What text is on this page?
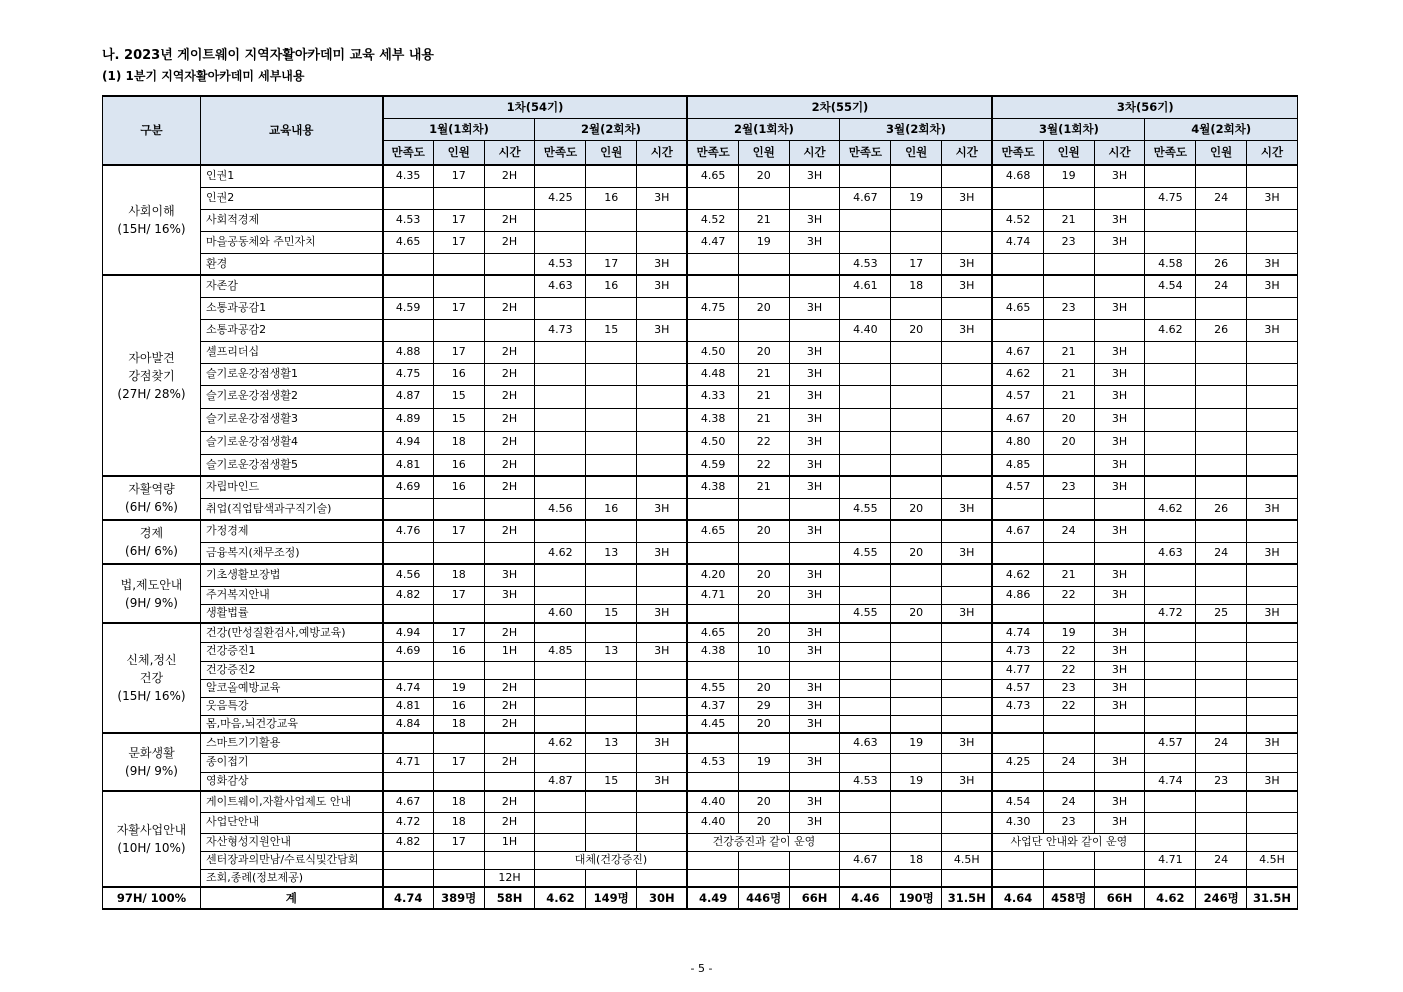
나. 2023년 게이트웨이 지역자활아카데미 교육 세부 내용
(1) 1분기 지역자활아카데미 세부내용
구분	교육내용	1차(54기)						2차(55기)						3차(56기)					
		1월(1회차)			2월(2회차)			2월(1회차)			3월(2회차)			3월(1회차)			4월(2회차)		
		만족도	인원	시간	만족도	인원	시간	만족도	인원	시간	만족도	인원	시간	만족도	인원	시간	만족도	인원	시간
사회이해
(15H/ 16%)	인권1	4.35	17	2H				4.65	20	3H				4.68	19	3H			
	인권2				4.25	16	3H				4.67	19	3H				4.75	24	3H
	사회적경제	4.53	17	2H				4.52	21	3H				4.52	21	3H			
	마을공동체와 주민자치	4.65	17	2H				4.47	19	3H				4.74	23	3H			
	환경				4.53	17	3H				4.53	17	3H				4.58	26	3H
자아발견
강점찾기
(27H/ 28%)	자존감				4.63	16	3H				4.61	18	3H				4.54	24	3H
	소통과공감1	4.59	17	2H				4.75	20	3H				4.65	23	3H			
	소통과공감2				4.73	15	3H				4.40	20	3H				4.62	26	3H
	셀프리더십	4.88	17	2H				4.50	20	3H				4.67	21	3H			
	슬기로운강점생활1	4.75	16	2H				4.48	21	3H				4.62	21	3H			
	슬기로운강점생활2	4.87	15	2H				4.33	21	3H				4.57	21	3H			
	슬기로운강점생활3	4.89	15	2H				4.38	21	3H				4.67	20	3H			
	슬기로운강점생활4	4.94	18	2H				4.50	22	3H				4.80	20	3H			
	슬기로운강점생활5	4.81	16	2H				4.59	22	3H				4.85		3H			
자활역량
(6H/ 6%)	자립마인드	4.69	16	2H				4.38	21	3H				4.57	23	3H			
	취업(직업탐색과구직기술)				4.56	16	3H				4.55	20	3H				4.62	26	3H
경제
(6H/ 6%)	가정경제	4.76	17	2H				4.65	20	3H				4.67	24	3H			
	금융복지(채무조정)				4.62	13	3H				4.55	20	3H				4.63	24	3H
법,제도안내
(9H/ 9%)	기초생활보장법	4.56	18	3H				4.20	20	3H				4.62	21	3H			
	주거복지안내	4.82	17	3H				4.71	20	3H				4.86	22	3H			
	생활법률				4.60	15	3H				4.55	20	3H				4.72	25	3H
신체,정신
건강
(15H/ 16%)	건강(만성질환검사,예방교육)	4.94	17	2H				4.65	20	3H				4.74	19	3H			
	건강증진1	4.69	16	1H	4.85	13	3H	4.38	10	3H				4.73	22	3H			
	건강증진2													4.77	22	3H			
	알코올예방교육	4.74	19	2H				4.55	20	3H				4.57	23	3H			
	웃음특강	4.81	16	2H				4.37	29	3H				4.73	22	3H			
	몸,마음,뇌건강교육	4.84	18	2H				4.45	20	3H									
문화생활
(9H/ 9%)	스마트기기활용				4.62	13	3H				4.63	19	3H				4.57	24	3H
	종이접기	4.71	17	2H				4.53	19	3H				4.25	24	3H			
	영화감상				4.87	15	3H				4.53	19	3H				4.74	23	3H
자활사업안내
(10H/ 10%)	게이트웨이,자활사업제도 안내	4.67	18	2H				4.40	20	3H				4.54	24	3H			
	사업단안내	4.72	18	2H				4.40	20	3H				4.30	23	3H			
	자산형성지원안내	4.82	17	1H				건강증진과 같이 운영						사업단 안내와 같이 운영					
	센터장과의만남/수료식및간담회				대체(건강증진)						4.67	18	4.5H				4.71	24	4.5H
	조회,종례(정보제공)			12H															
97H/ 100%	계	4.74	389명	58H	4.62	149명	30H	4.49	446명	66H	4.46	190명	31.5H	4.64	458명	66H	4.62	246명	31.5H
- 5 -
